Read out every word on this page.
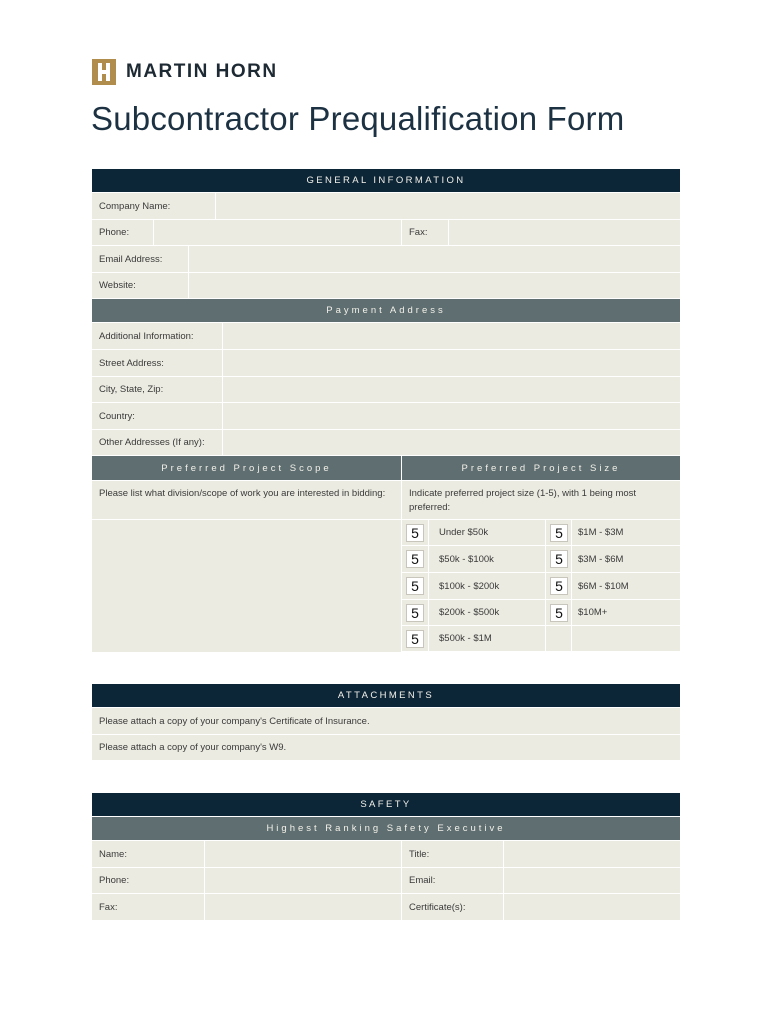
MARTIN HORN
Subcontractor Prequalification Form
GENERAL INFORMATION
Company Name:
Phone:	Fax:
Email Address:
Website:
Payment Address
Additional Information:
Street Address:
City, State, Zip:
Country:
Other Addresses (If any):
Preferred Project Scope	Preferred Project Size
Please list what division/scope of work you are interested in bidding:	Indicate preferred project size (1-5), with 1 being most preferred:
5	Under $50k	5	$1M - $3M
5	$50k - $100k	5	$3M - $6M
5	$100k - $200k	5	$6M - $10M
5	$200k - $500k	5	$10M+
5	$500k - $1M
ATTACHMENTS
Please attach a copy of your company's Certificate of Insurance.
Please attach a copy of your company's W9.
SAFETY
Highest Ranking Safety Executive
Name:	Title:
Phone:	Email:
Fax:	Certificate(s):
